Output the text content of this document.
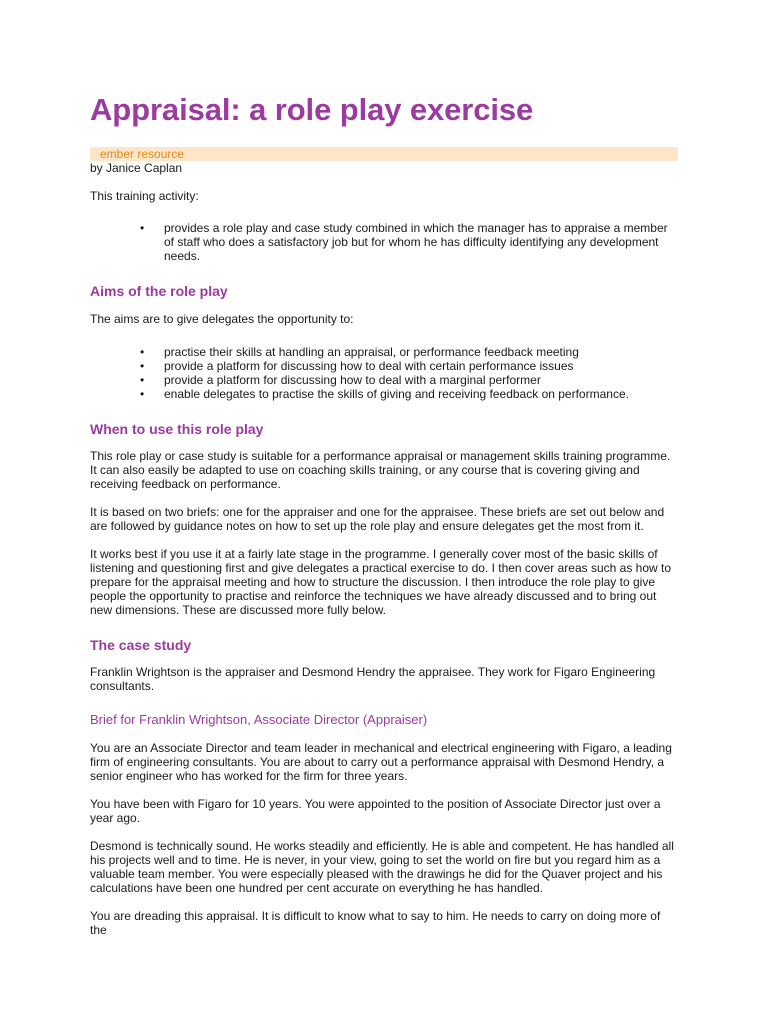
Appraisal: a role play exercise
ember resource

by Janice Caplan

This training activity:

• provides a role play and case study combined in which the manager has to appraise a member of staff who does a satisfactory job but for whom he has difficulty identifying any development needs.
Aims of the role play

The aims are to give delegates the opportunity to:

• practise their skills at handling an appraisal, or performance feedback meeting
• provide a platform for discussing how to deal with certain performance issues
• provide a platform for discussing how to deal with a marginal performer
• enable delegates to practise the skills of giving and receiving feedback on performance.
When to use this role play

This role play or case study is suitable for a performance appraisal or management skills training programme. It can also easily be adapted to use on coaching skills training, or any course that is covering giving and receiving feedback on performance.

It is based on two briefs: one for the appraiser and one for the appraisee. These briefs are set out below and are followed by guidance notes on how to set up the role play and ensure delegates get the most from it.

It works best if you use it at a fairly late stage in the programme. I generally cover most of the basic skills of listening and questioning first and give delegates a practical exercise to do. I then cover areas such as how to prepare for the appraisal meeting and how to structure the discussion. I then introduce the role play to give people the opportunity to practise and reinforce the techniques we have already discussed and to bring out new dimensions. These are discussed more fully below.

The case study

Franklin Wrightson is the appraiser and Desmond Hendry the appraisee. They work for Figaro Engineering consultants.

Brief for Franklin Wrightson, Associate Director (Appraiser)

You are an Associate Director and team leader in mechanical and electrical engineering with Figaro, a leading firm of engineering consultants. You are about to carry out a performance appraisal with Desmond Hendry, a senior engineer who has worked for the firm for three years.

You have been with Figaro for 10 years. You were appointed to the position of Associate Director just over a year ago.

Desmond is technically sound. He works steadily and efficiently. He is able and competent. He has handled all his projects well and to time. He is never, in your view, going to set the world on fire but you regard him as a valuable team member. You were especially pleased with the drawings he did for the Quaver project and his calculations have been one hundred per cent accurate on everything he has handled.

You are dreading this appraisal. It is difficult to know what to say to him. He needs to carry on doing more of the
